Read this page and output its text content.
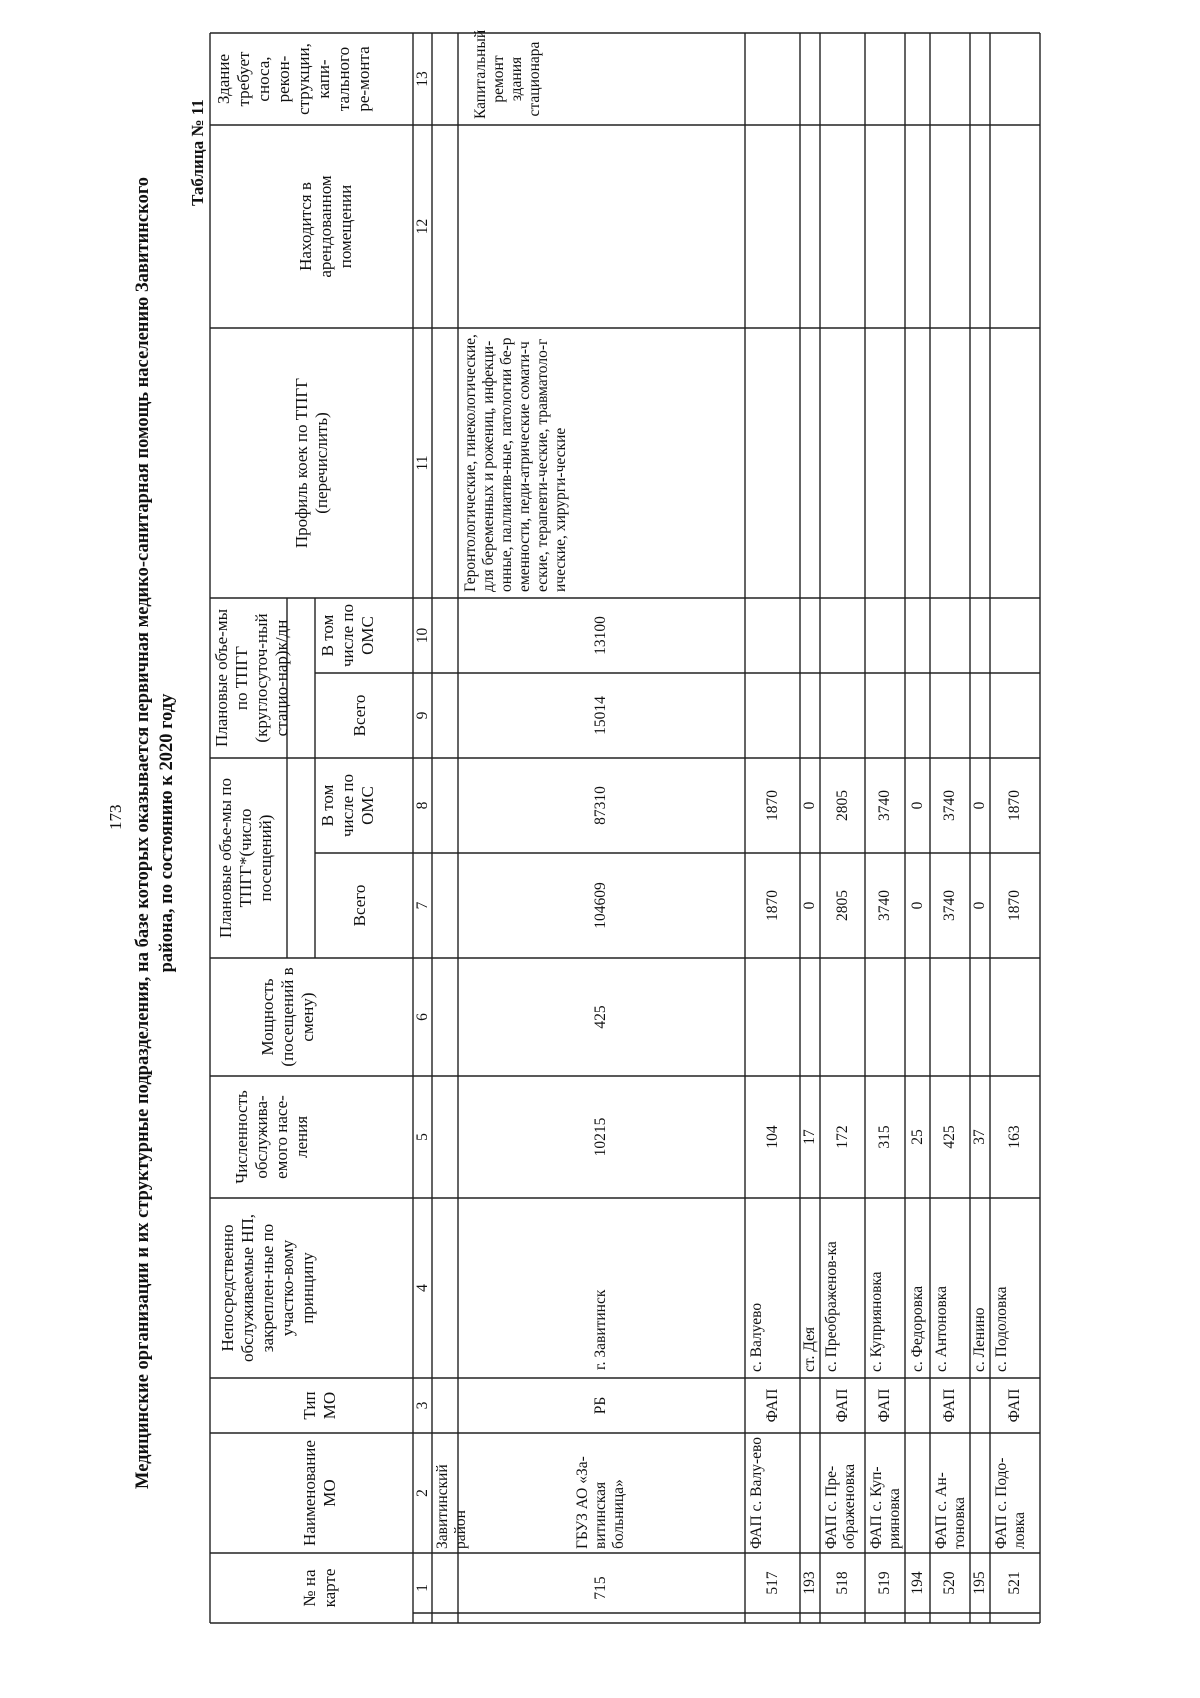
173 Медицинские организации и их структурные подразделения, на базе которых оказывается первичная медико-санитарная помощь населению Завитинского района, по состоянию к 2020 году
Таблица № 11
№ на карте
Наименование МО
Тип МО
Непосредственно обслуживаемые НП, закреплен-ные по участко-вому принципу
Численность обслужива-емого насе-ления
Мощность (посещений в смену)
Плановые объе-мы по ТПГГ*(число посещений)
Всего
В том числе по ОМС
Плановые объе-мы по ТПГГ (круглосуточ-ный стацио-нар)к/дн	Всего
В том числе по ОМС
Профиль коек по ТПГГ (перечислить)
Находится в арендованном помещении
Здание требует сноса, рекон-струкции, капи-тального ре-монта
1
2
3
4
5
6
7
8
9
10
11
12
13
Завитинский район
715
ГБУЗ АО «За-витинская больница»
РБ
г. Завитинск
10215
425
104609
87310
15014
13100
Геронтологические, гинекологические, для беременных и рожениц, инфекци-онные, паллиатив-ные, патологии бе-ременности, педи-атрические сомати-ческие, терапевти-ческие, травматоло-гические, хирурги-ческие
Капитальный ремонт здания стационара
517
ФАП с. Валу-ево
ФАП
с. Валуево
104
1870
1870
193
ст. Дея
17
0
0
518
ФАП с. Пре-ображеновка
ФАП
с. Преображенов-ка
172
2805
2805
519
ФАП с. Куп-рияновка
ФАП
с. Куприяновка
315
3740
3740
194
с. Федоровка
25
0
0
520
ФАП с. Ан-тоновка
ФАП
с. Антоновка
425
3740
3740
195
с. Ленино
37
0
0
521
ФАП с. Подо-ловка
ФАП
с. Подоловка
163
1870
1870
